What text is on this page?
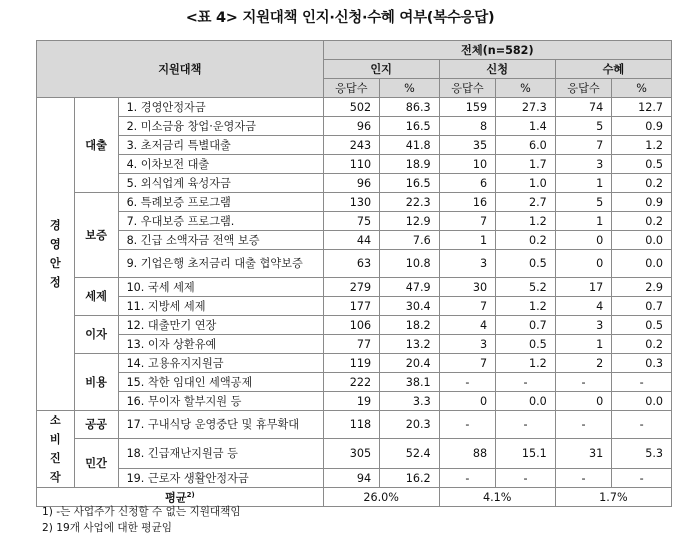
<표 4> 지원대책 인지·신청·수혜 여부(복수응답)
지원대책			전체(n=582)					
			인지		신청		수혜	
			응답수	%	응답수	%	응답수	%

경
영
안
정	대출	1. 경영안정자금	502	86.3	159	27.3	74	12.7
		2. 미소금융 창업·운영자금	96	16.5	8	1.4	5	0.9
		3. 초저금리 특별대출	243	41.8	35	6.0	7	1.2
		4. 이차보전 대출	110	18.9	10	1.7	3	0.5
		5. 외식업계 육성자금	96	16.5	6	1.0	1	0.2
	보증	6. 특례보증 프로그램	130	22.3	16	2.7	5	0.9
		7. 우대보증 프로그램.	75	12.9	7	1.2	1	0.2
		8. 긴급 소액자금 전액 보증	44	7.6	1	0.2	0	0.0
		9. 기업은행 초저금리 대출 협약보증	63	10.8	3	0.5	0	0.0
	세제	10. 국세 세제	279	47.9	30	5.2	17	2.9
		11. 지방세 세제	177	30.4	7	1.2	4	0.7
	이자	12. 대출만기 연장	106	18.2	4	0.7	3	0.5
		13. 이자 상환유예	77	13.2	3	0.5	1	0.2
	비용	14. 고용유지지원금	119	20.4	7	1.2	2	0.3
		15. 착한 임대인 세액공제	222	38.1	-	-	-	-
		16. 무이자 할부지원 등	19	3.3	0	0.0	0	0.0

소
비
진
작	공공	17. 구내식당 운영중단 및 휴무확대	118	20.3	-	-	-	-
	민간	18. 긴급재난지원금 등	305	52.4	88	15.1	31	5.3
		19. 근로자 생활안정자금	94	16.2	-	-	-	-
평균$^{2)}$			26.0%		4.1%		1.7%	
1) -는 사업주가 신청할 수 없는 지원대책임
2) 19개 사업에 대한 평균임
